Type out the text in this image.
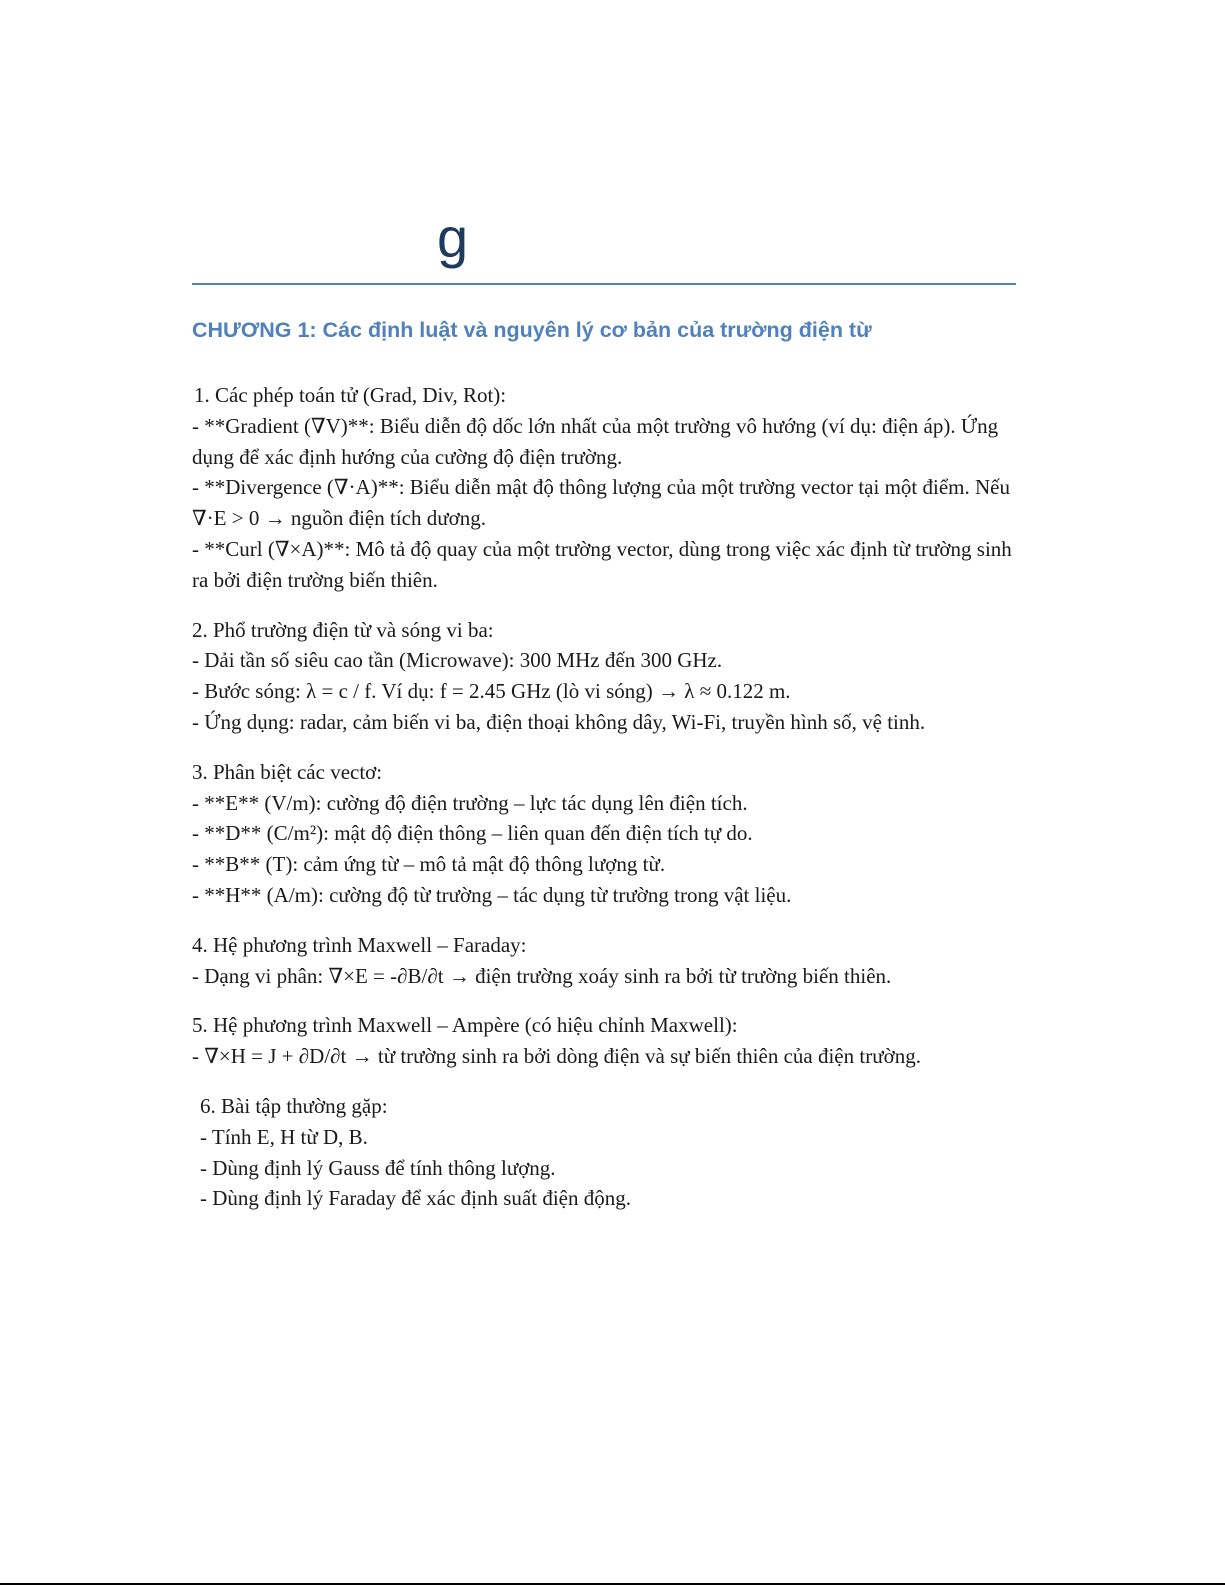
g
CHƯƠNG 1: Các định luật và nguyên lý cơ bản của trường điện từ
1. Các phép toán tử (Grad, Div, Rot):
- **Gradient (∇V)**: Biểu diễn độ dốc lớn nhất của một trường vô hướng (ví dụ: điện áp). Ứng dụng để xác định hướng của cường độ điện trường.
- **Divergence (∇·A)**: Biểu diễn mật độ thông lượng của một trường vector tại một điểm. Nếu ∇·E > 0 → nguồn điện tích dương.
- **Curl (∇×A)**: Mô tả độ quay của một trường vector, dùng trong việc xác định từ trường sinh ra bởi điện trường biến thiên.
2. Phổ trường điện từ và sóng vi ba:
- Dải tần số siêu cao tần (Microwave): 300 MHz đến 300 GHz.
- Bước sóng: λ = c / f. Ví dụ: f = 2.45 GHz (lò vi sóng) → λ ≈ 0.122 m.
- Ứng dụng: radar, cảm biến vi ba, điện thoại không dây, Wi-Fi, truyền hình số, vệ tinh.
3. Phân biệt các vectơ:
- **E** (V/m): cường độ điện trường – lực tác dụng lên điện tích.
- **D** (C/m²): mật độ điện thông – liên quan đến điện tích tự do.
- **B** (T): cảm ứng từ – mô tả mật độ thông lượng từ.
- **H** (A/m): cường độ từ trường – tác dụng từ trường trong vật liệu.
4. Hệ phương trình Maxwell – Faraday:
- Dạng vi phân: ∇×E = -∂B/∂t → điện trường xoáy sinh ra bởi từ trường biến thiên.
5. Hệ phương trình Maxwell – Ampère (có hiệu chỉnh Maxwell):
- ∇×H = J + ∂D/∂t → từ trường sinh ra bởi dòng điện và sự biến thiên của điện trường.
6. Bài tập thường gặp:
- Tính E, H từ D, B.
- Dùng định lý Gauss để tính thông lượng.
- Dùng định lý Faraday để xác định suất điện động.
